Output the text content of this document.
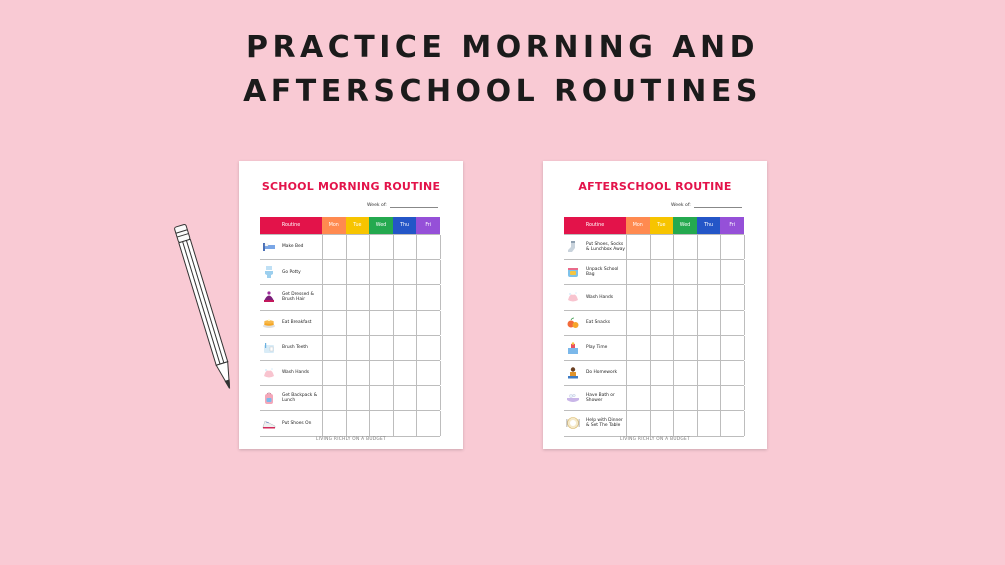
PRACTICE MORNING AND
AFTERSCHOOL ROUTINES
SCHOOL MORNING ROUTINE
Week of:
Routine	Mon	Tue	Wed	Thu	Fri
Make Bed
Go Potty
Get Dressed & Brush Hair
Eat Breakfast
Brush Teeth
Wash Hands
Get Backpack & Lunch
Put Shoes On
LIVING RICHLY ON A BUDGET
AFTERSCHOOL ROUTINE
Week of:
Routine	Mon	Tue	Wed	Thu	Fri
Put Shoes, Socks & Lunchbox Away
Unpack School Bag
Wash Hands
Eat Snacks
Play Time
Do Homework
Have Bath or Shower
Help with Dinner & Set The Table
LIVING RICHLY ON A BUDGET
